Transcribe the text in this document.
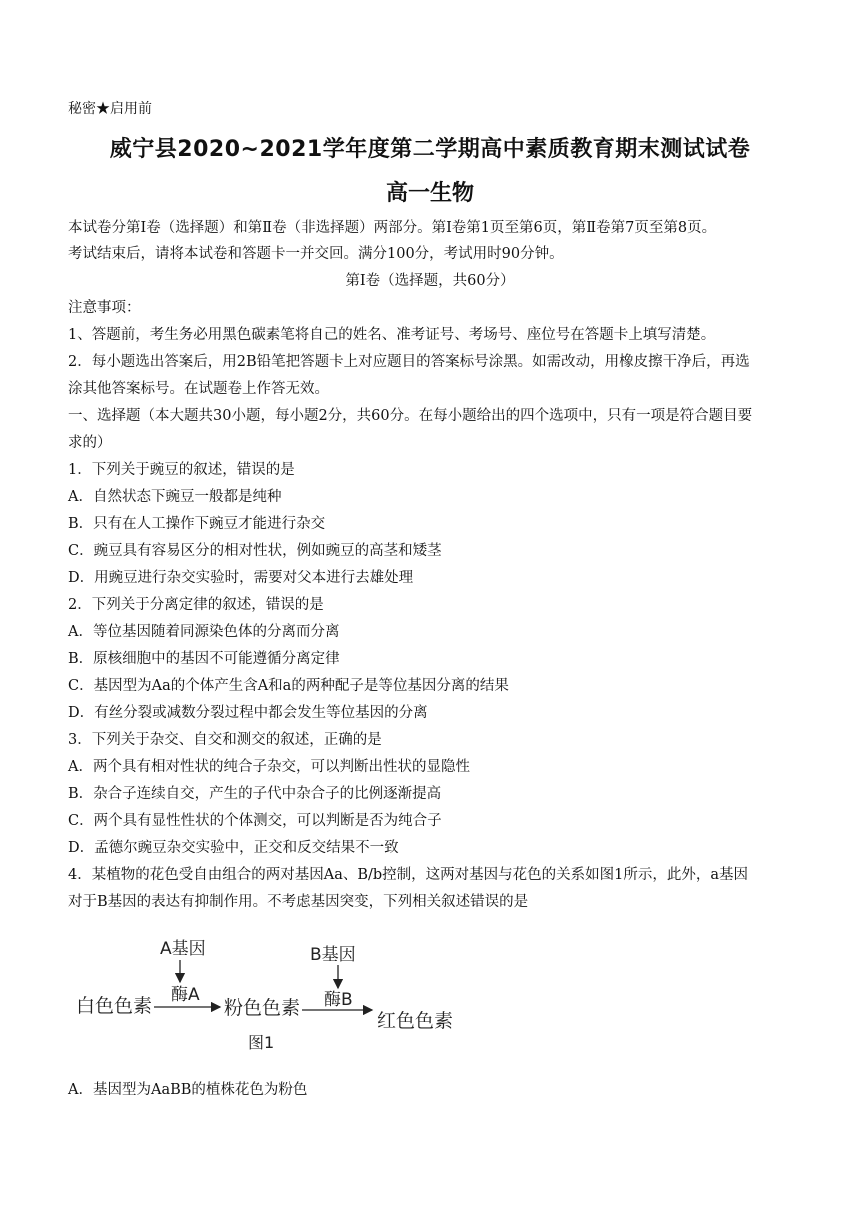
秘密★启用前
威宁县2020~2021学年度第二学期高中素质教育期末测试试卷
高一生物
本试卷分第Ⅰ卷（选择题）和第Ⅱ卷（非选择题）两部分。第Ⅰ卷第1页至第6页，第Ⅱ卷第7页至第8页。
考试结束后，请将本试卷和答题卡一并交回。满分100分，考试用时90分钟。
第Ⅰ卷（选择题，共60分）
注意事项：
1、答题前，考生务必用黑色碳素笔将自己的姓名、准考证号、考场号、座位号在答题卡上填写清楚。
2．每小题选出答案后，用2B铅笔把答题卡上对应题目的答案标号涂黑。如需改动，用橡皮擦干净后，再选
涂其他答案标号。在试题卷上作答无效。
一、选择题（本大题共30小题，每小题2分，共60分。在每小题给出的四个选项中，只有一项是符合题目要
求的）
1．下列关于豌豆的叙述，错误的是
A．自然状态下豌豆一般都是纯种
B．只有在人工操作下豌豆才能进行杂交
C．豌豆具有容易区分的相对性状，例如豌豆的高茎和矮茎
D．用豌豆进行杂交实验时，需要对父本进行去雄处理
2．下列关于分离定律的叙述，错误的是
A．等位基因随着同源染色体的分离而分离
B．原核细胞中的基因不可能遵循分离定律
C．基因型为Aa的个体产生含A和a的两种配子是等位基因分离的结果
D．有丝分裂或减数分裂过程中都会发生等位基因的分离
3．下列关于杂交、自交和测交的叙述，正确的是
A．两个具有相对性状的纯合子杂交，可以判断出性状的显隐性
B．杂合子连续自交，产生的子代中杂合子的比例逐渐提高
C．两个具有显性性状的个体测交，可以判断是否为纯合子
D．孟德尔豌豆杂交实验中，正交和反交结果不一致
4．某植物的花色受自由组合的两对基因Aa、B/b控制，这两对基因与花色的关系如图1所示，此外，a基因
对于B基因的表达有抑制作用。不考虑基因突变，下列相关叙述错误的是
A基因
酶A
B基因
酶B
白色色素	粉色色素
红色色素
图1
A．基因型为AaBB的植株花色为粉色
